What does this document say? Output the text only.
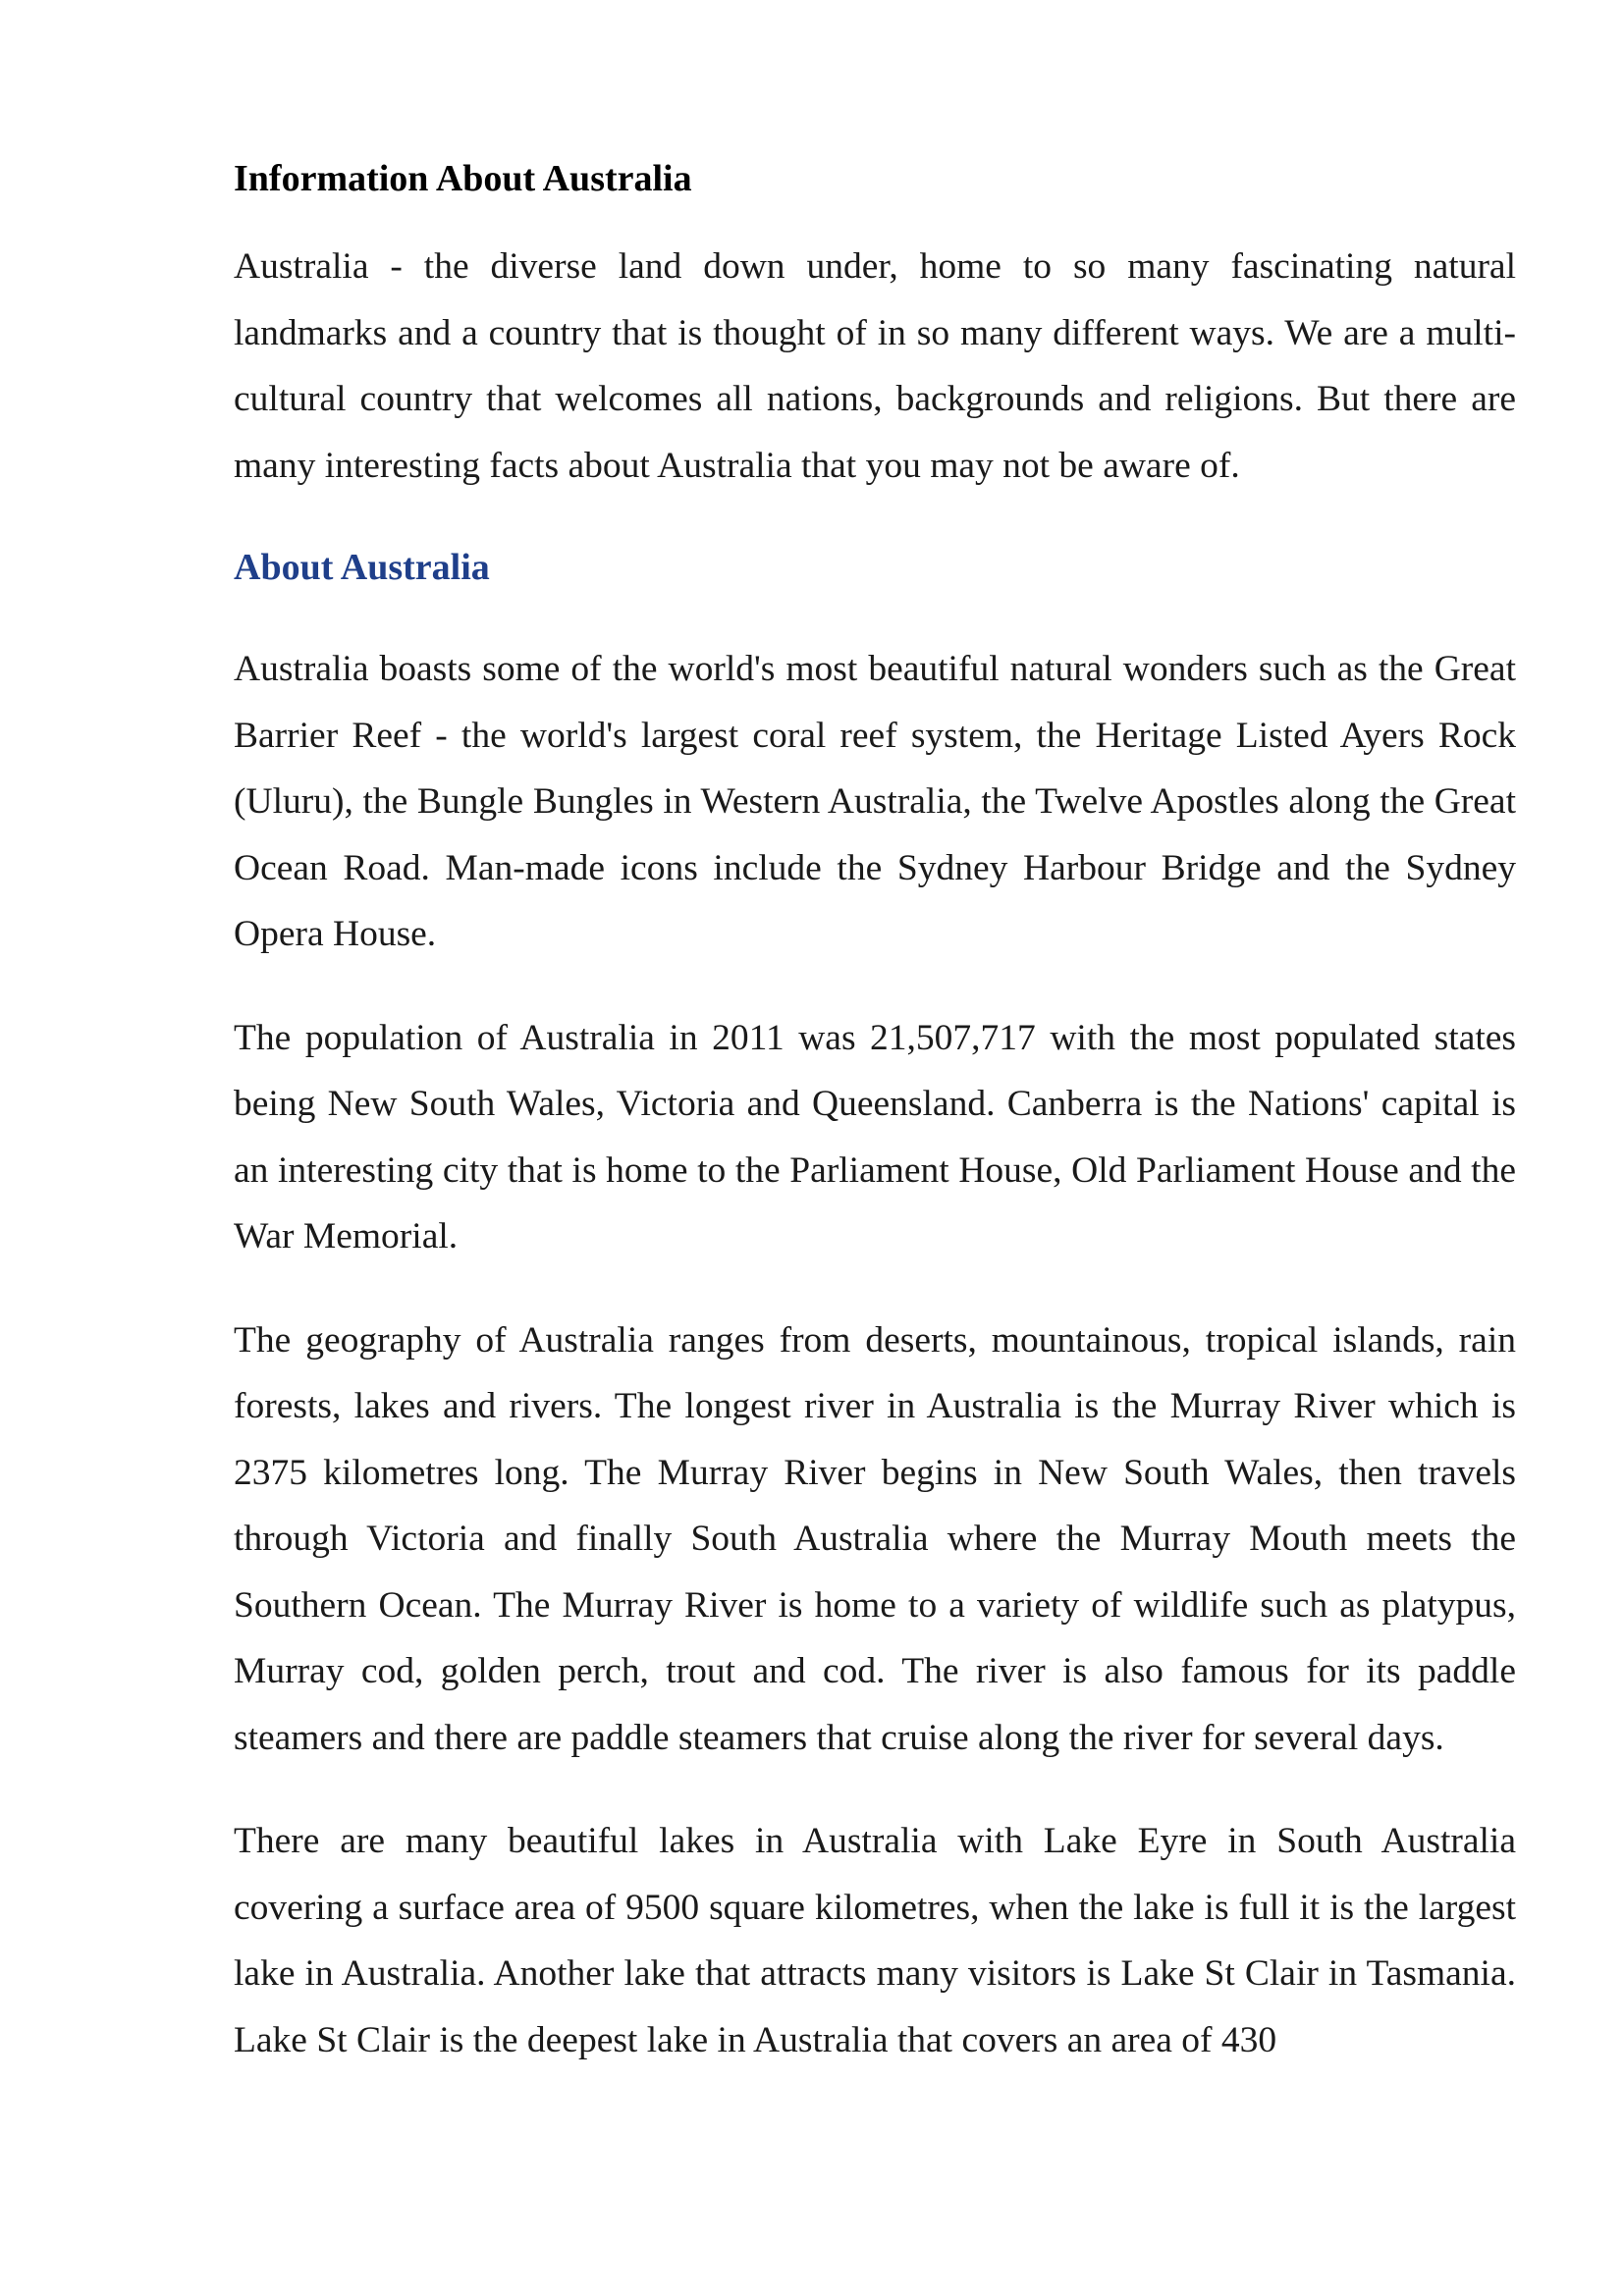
Information About Australia

Australia - the diverse land down under, home to so many fascinating natural landmarks and a country that is thought of in so many different ways. We are a multi-cultural country that welcomes all nations, backgrounds and religions. But there are many interesting facts about Australia that you may not be aware of.

About Australia

Australia boasts some of the world's most beautiful natural wonders such as the Great Barrier Reef - the world's largest coral reef system, the Heritage Listed Ayers Rock (Uluru), the Bungle Bungles in Western Australia, the Twelve Apostles along the Great Ocean Road. Man-made icons include the Sydney Harbour Bridge and the Sydney Opera House.

The population of Australia in 2011 was 21,507,717 with the most populated states being New South Wales, Victoria and Queensland. Canberra is the Nations' capital is an interesting city that is home to the Parliament House, Old Parliament House and the War Memorial.

The geography of Australia ranges from deserts, mountainous, tropical islands, rain forests, lakes and rivers. The longest river in Australia is the Murray River which is 2375 kilometres long. The Murray River begins in New South Wales, then travels through Victoria and finally South Australia where the Murray Mouth meets the Southern Ocean. The Murray River is home to a variety of wildlife such as platypus, Murray cod, golden perch, trout and cod. The river is also famous for its paddle steamers and there are paddle steamers that cruise along the river for several days.

There are many beautiful lakes in Australia with Lake Eyre in South Australia covering a surface area of 9500 square kilometres, when the lake is full it is the largest lake in Australia. Another lake that attracts many visitors is Lake St Clair in Tasmania. Lake St Clair is the deepest lake in Australia that covers an area of 430
